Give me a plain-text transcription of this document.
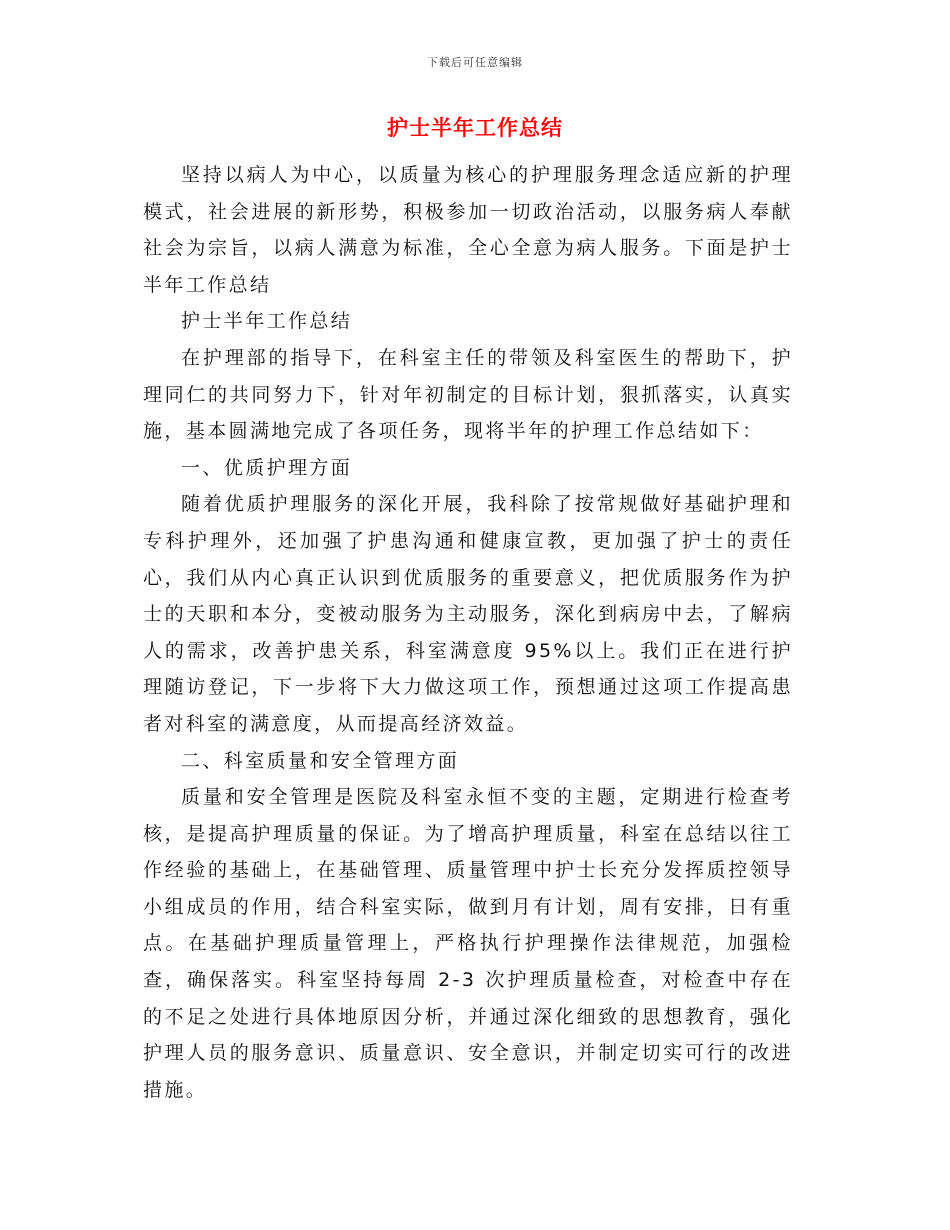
下载后可任意编辑
护士半年工作总结

坚持以病人为中心，以质量为核心的护理服务理念适应新的护理模式，社会进展的新形势，积极参加一切政治活动，以服务病人奉献社会为宗旨，以病人满意为标准，全心全意为病人服务。下面是护士半年工作总结

护士半年工作总结

在护理部的指导下，在科室主任的带领及科室医生的帮助下，护理同仁的共同努力下，针对年初制定的目标计划，狠抓落实，认真实施，基本圆满地完成了各项任务，现将半年的护理工作总结如下：

一、优质护理方面

随着优质护理服务的深化开展，我科除了按常规做好基础护理和专科护理外，还加强了护患沟通和健康宣教，更加强了护士的责任心，我们从内心真正认识到优质服务的重要意义，把优质服务作为护士的天职和本分，变被动服务为主动服务，深化到病房中去，了解病人的需求，改善护患关系，科室满意度 95%以上。我们正在进行护理随访登记，下一步将下大力做这项工作，预想通过这项工作提高患者对科室的满意度，从而提高经济效益。

二、科室质量和安全管理方面

质量和安全管理是医院及科室永恒不变的主题，定期进行检查考核，是提高护理质量的保证。为了增高护理质量，科室在总结以往工作经验的基础上，在基础管理、质量管理中护士长充分发挥质控领导小组成员的作用，结合科室实际，做到月有计划，周有安排，日有重点。在基础护理质量管理上，严格执行护理操作法律规范，加强检查，确保落实。科室坚持每周 2-3 次护理质量检查，对检查中存在的不足之处进行具体地原因分析，并通过深化细致的思想教育，强化护理人员的服务意识、质量意识、安全意识，并制定切实可行的改进措施。
